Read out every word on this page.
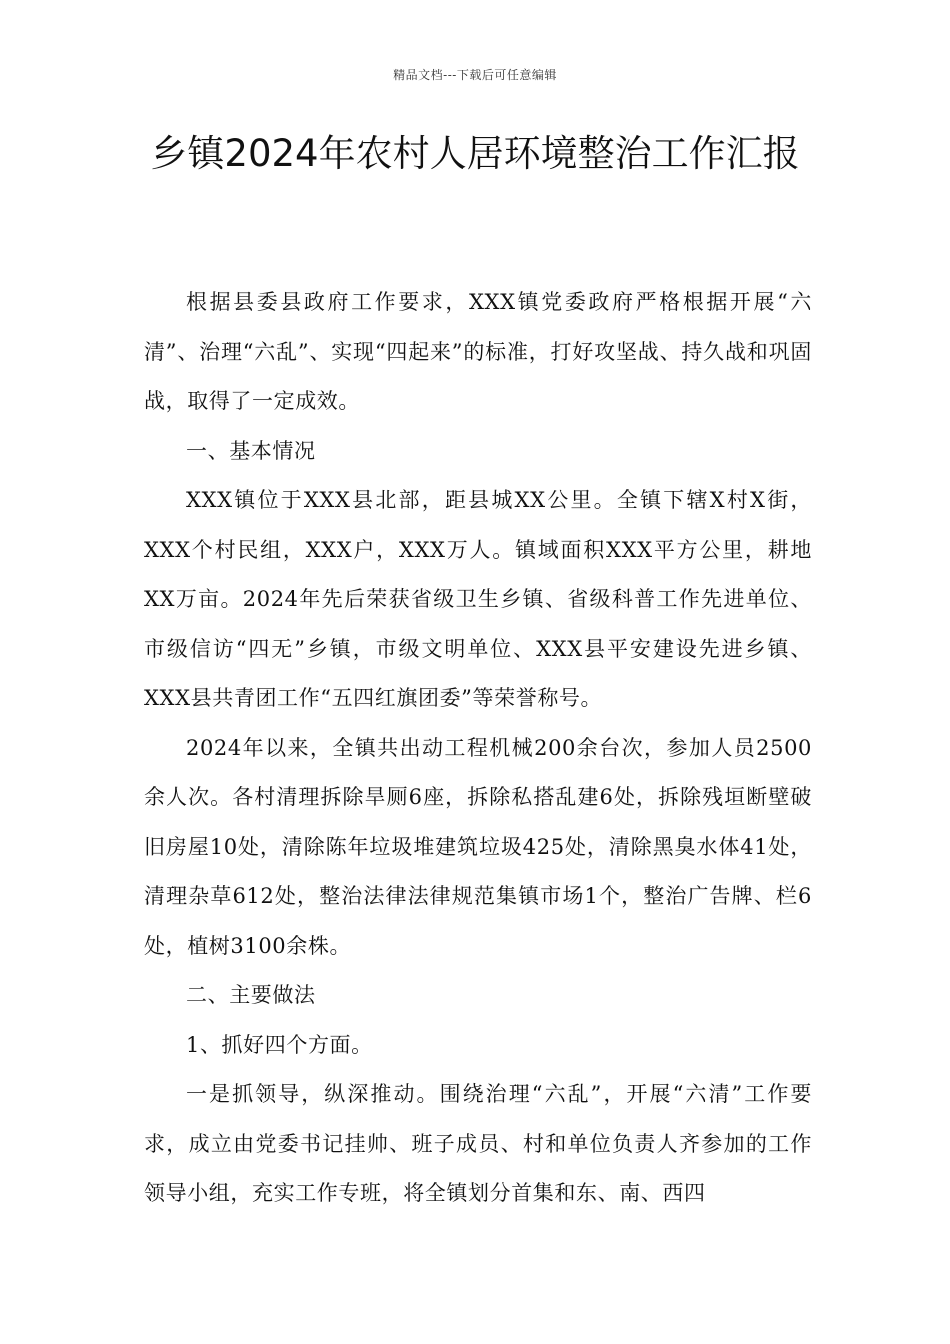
精品文档---下载后可任意编辑
乡镇2024年农村人居环境整治工作汇报

根据县委县政府工作要求，XXX镇党委政府严格根据开展“六清”、治理“六乱”、实现“四起来”的标准，打好攻坚战、持久战和巩固战，取得了一定成效。

一、基本情况

XXX镇位于XXX县北部，距县城XX公里。全镇下辖X村X街，XXX个村民组，XXX户，XXX万人。镇域面积XXX平方公里，耕地XX万亩。2024年先后荣获省级卫生乡镇、省级科普工作先进单位、市级信访“四无”乡镇，市级文明单位、XXX县平安建设先进乡镇、XXX县共青团工作“五四红旗团委”等荣誉称号。

2024年以来，全镇共出动工程机械200余台次，参加人员2500余人次。各村清理拆除旱厕6座，拆除私搭乱建6处，拆除残垣断壁破旧房屋10处，清除陈年垃圾堆建筑垃圾425处，清除黑臭水体41处，清理杂草612处，整治法律法律规范集镇市场1个，整治广告牌、栏6处，植树3100余株。

二、主要做法

1、抓好四个方面。

一是抓领导，纵深推动。围绕治理“六乱”，开展“六清”工作要求，成立由党委书记挂帅、班子成员、村和单位负责人齐参加的工作领导小组，充实工作专班，将全镇划分首集和东、南、西四
